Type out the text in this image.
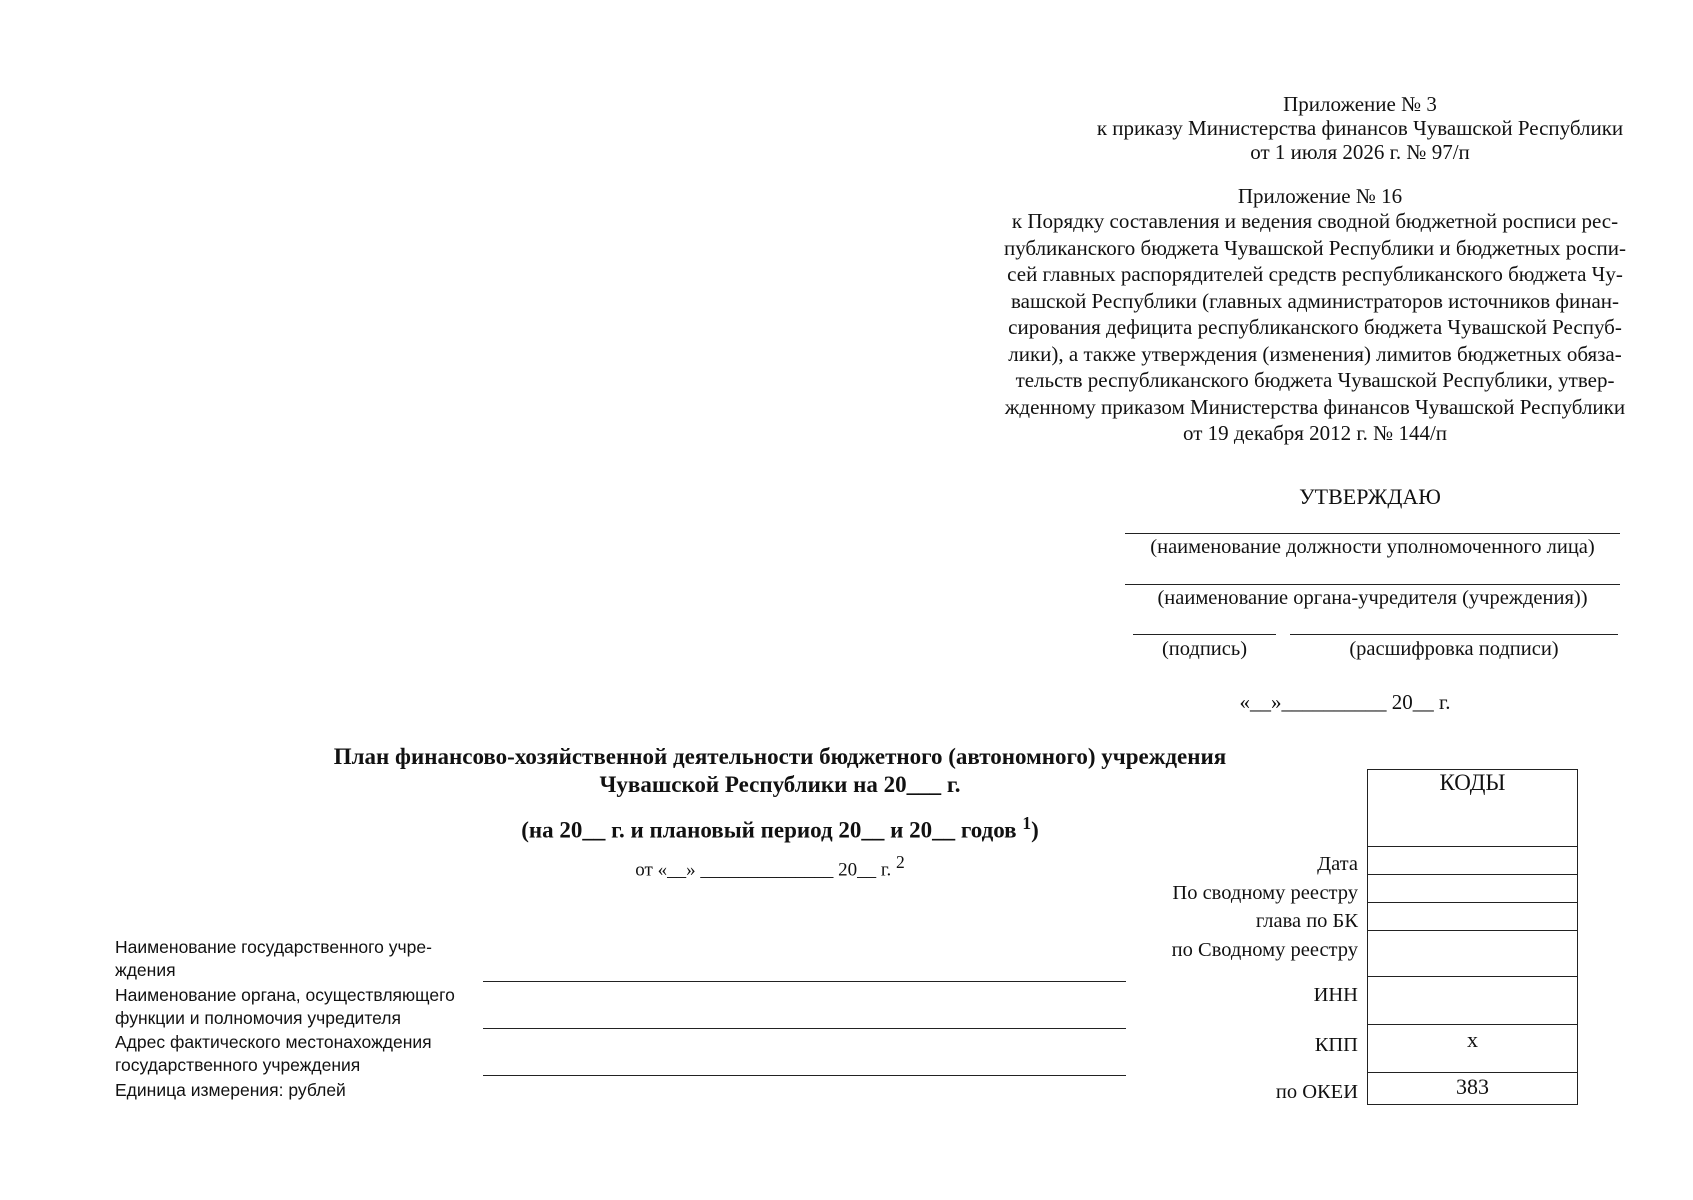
Приложение № 3
к приказу Министерства финансов Чувашской Республики
от 1 июля 2026 г. № 97/п
Приложение № 16
к Порядку составления и ведения сводной бюджетной росписи рес-
публиканского бюджета Чувашской Республики и бюджетных роспи-
сей главных распорядителей средств республиканского бюджета Чу-
вашской Республики (главных администраторов источников финан-
сирования дефицита республиканского бюджета Чувашской Респуб-
лики), а также утверждения (изменения) лимитов бюджетных обяза-
тельств республиканского бюджета Чувашской Республики, утвер-
жденному приказом Министерства финансов Чувашской Республики
от 19 декабря 2012 г. № 144/п
УТВЕРЖДАЮ
(наименование должности уполномоченного лица)
(наименование органа-учредителя (учреждения))
(подпись)	(расшифровка подписи)
«__»__________ 20__ г.
План финансово-хозяйственной деятельности бюджетного (автономного) учреждения
Чувашской Республики на 20___ г.
(на 20__ г. и плановый период 20__ и 20__ годов $^1$)
от «__» ______________ 20__ г. $^2$	Дата
По сводному реестру
глава по БК
по Сводному реестру
ИНН
КПП
по ОКЕИ
КОДЫ
х
383
Наименование государственного учре-
ждения
Наименование органа, осуществляющего
функции и полномочия учредителя
Адрес фактического местонахождения
государственного учреждения
Единица измерения: рублей
